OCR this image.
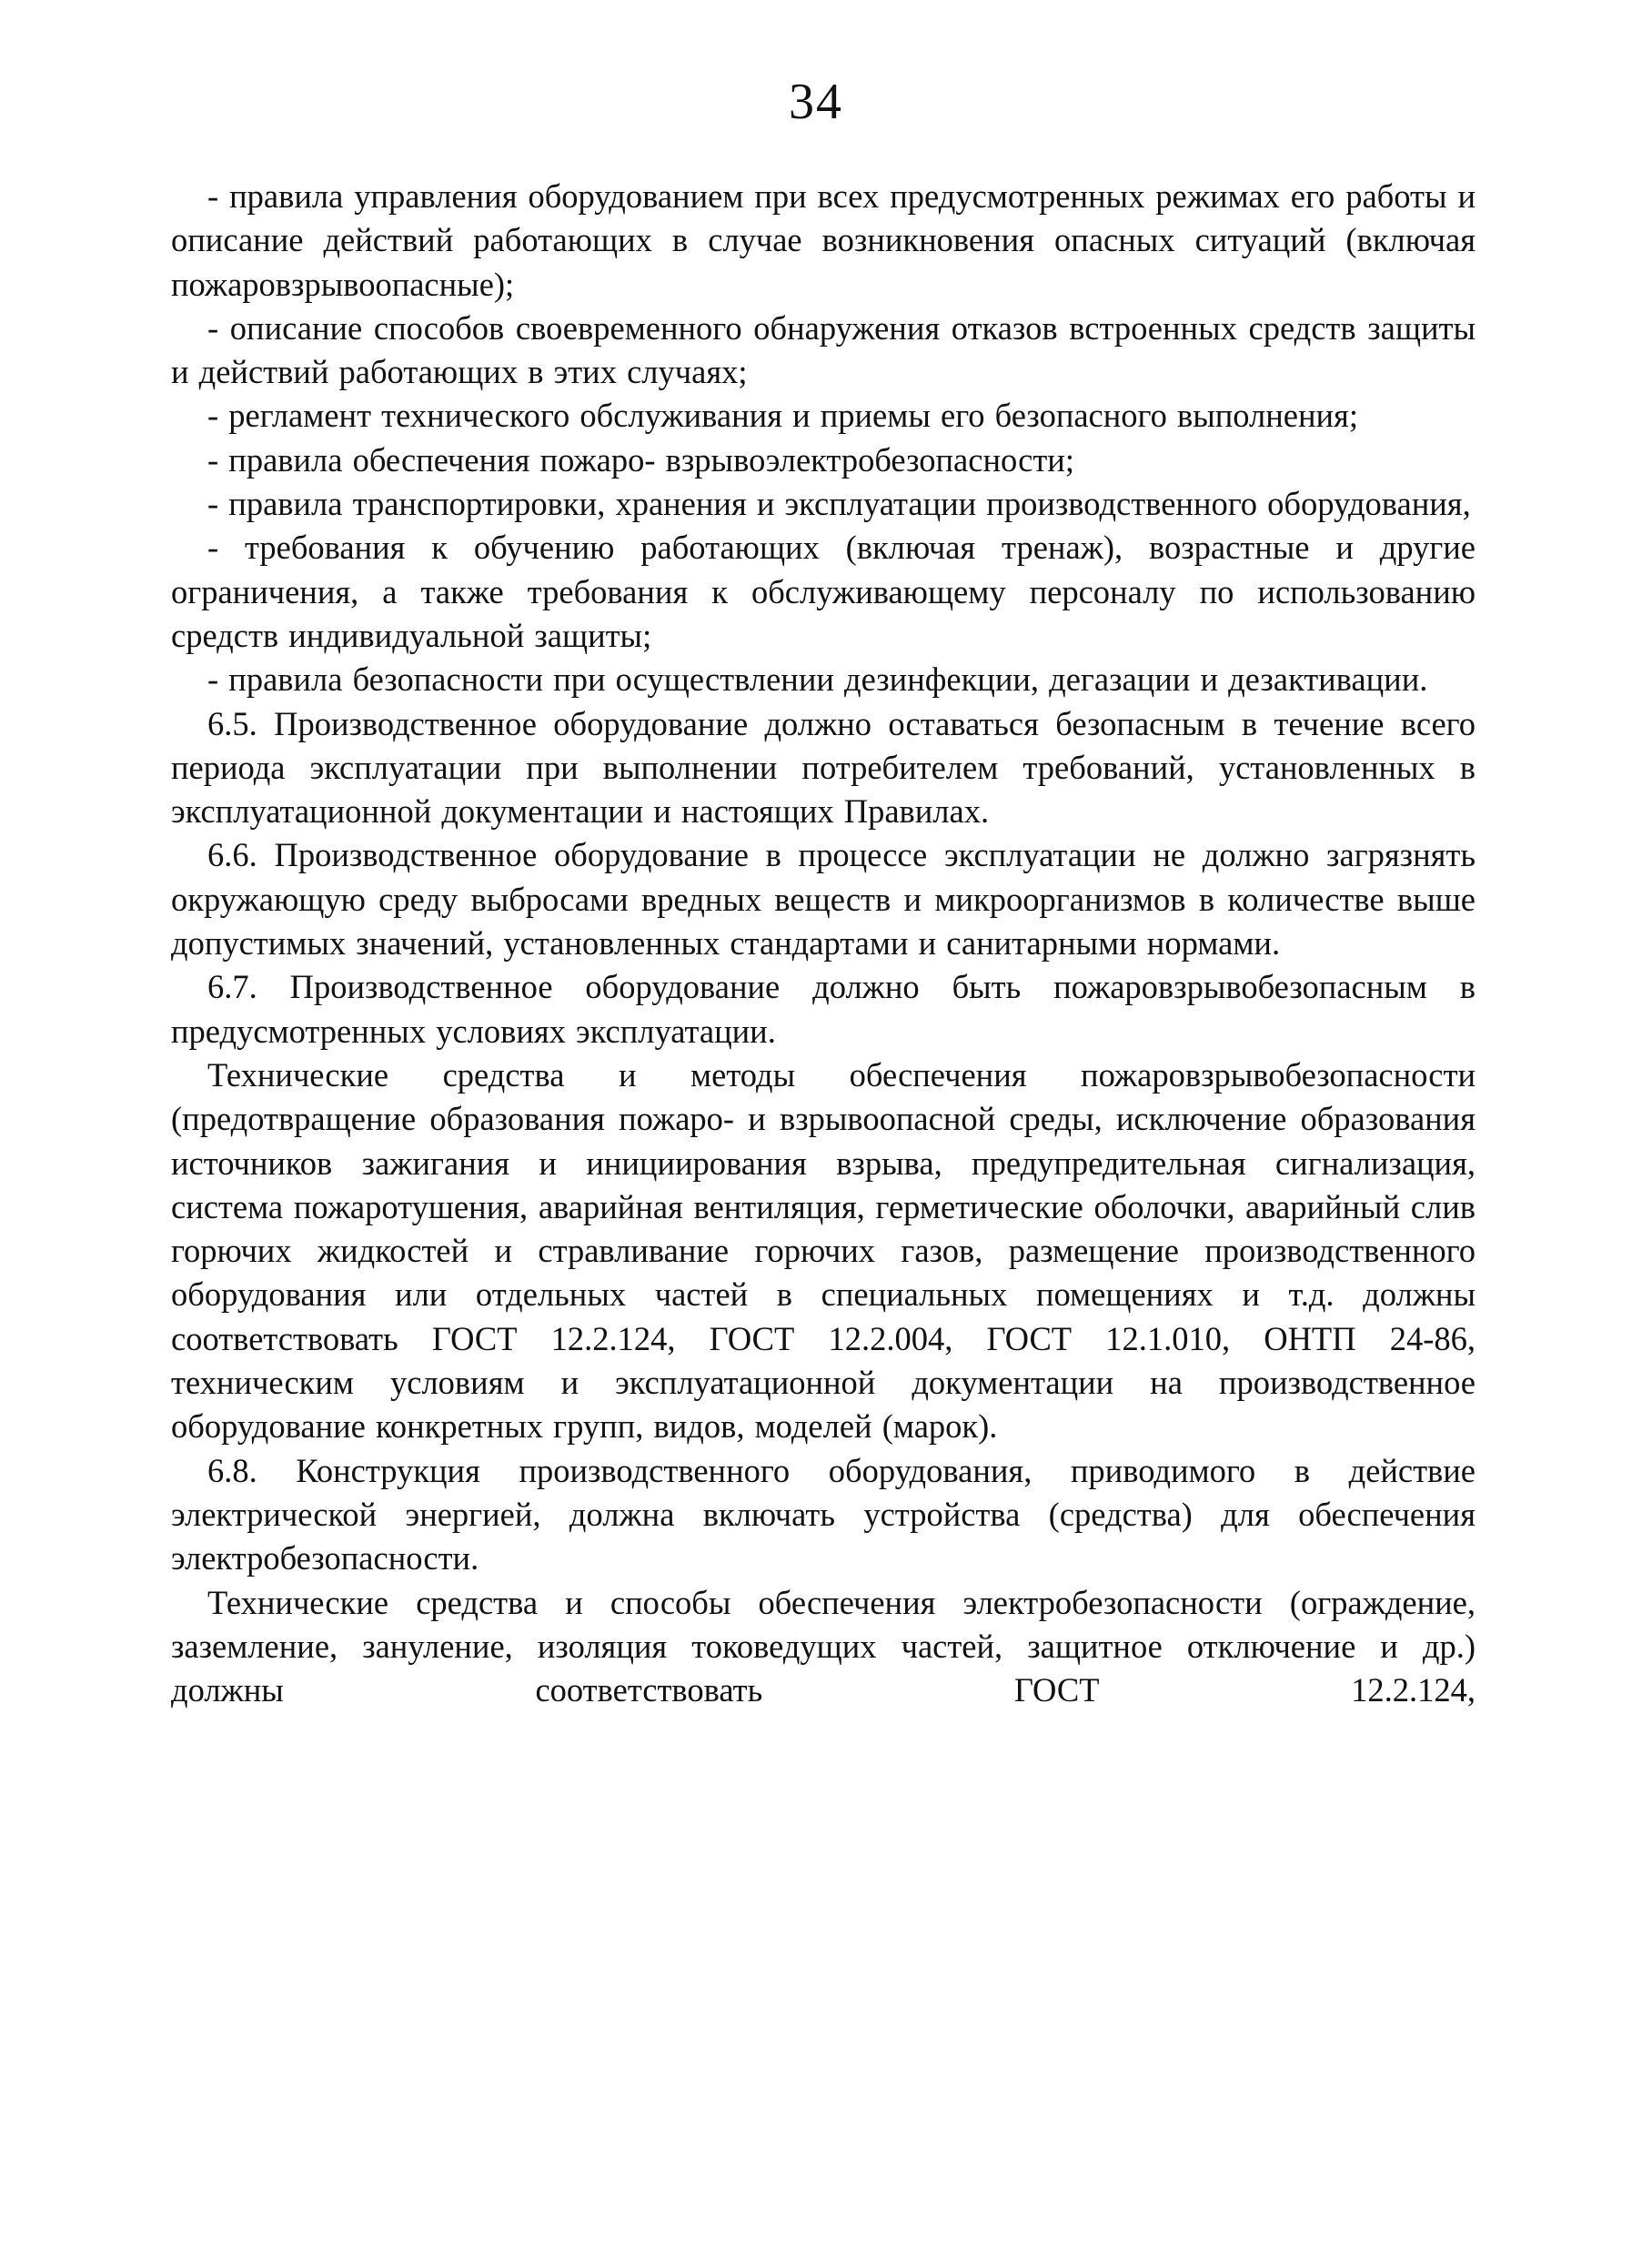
34

- правила управления оборудованием при всех предусмотренных режимах его работы и описание действий работающих в случае возникновения опасных ситуаций (включая пожаровзрывоопасные);

- описание способов своевременного обнаружения отказов встроенных средств защиты и действий работающих в этих случаях;

- регламент технического обслуживания и приемы его безопасного выполнения;

- правила обеспечения пожаро- взрывоэлектробезопасности;

- правила транспортировки, хранения и эксплуатации производственного оборудования,

- требования к обучению работающих (включая тренаж), возрастные и другие ограничения, а также требования к обслуживающему персоналу по использованию средств индивидуальной защиты;

- правила безопасности при осуществлении дезинфекции, дегазации и дезактивации.

6.5. Производственное оборудование должно оставаться безопасным в течение всего периода эксплуатации при выполнении потребителем требований, установленных в эксплуатационной документации и настоящих Правилах.

6.6. Производственное оборудование в процессе эксплуатации не должно загрязнять окружающую среду выбросами вредных веществ и микроорганизмов в количестве выше допустимых значений, установленных стандартами и санитарными нормами.

6.7. Производственное оборудование должно быть пожаровзрывобезопасным в предусмотренных условиях эксплуатации.

Технические средства и методы обеспечения пожаровзрывобезопасности (предотвращение образования пожаро- и взрывоопасной среды, исключение образования источников зажигания и инициирования взрыва, предупредительная сигнализация, система пожаротушения, аварийная вентиляция, герметические оболочки, аварийный слив горючих жидкостей и стравливание горючих газов, размещение производственного оборудования или отдельных частей в специальных помещениях и т.д. должны соответствовать ГОСТ 12.2.124, ГОСТ 12.2.004, ГОСТ 12.1.010, ОНТП 24-86, техническим условиям и эксплуатационной документации на производственное оборудование конкретных групп, видов, моделей (марок).

6.8. Конструкция производственного оборудования, приводимого в действие электрической энергией, должна включать устройства (средства) для обеспечения электробезопасности.

Технические средства и способы обеспечения электробезопасности (ограждение, заземление, зануление, изоляция токоведущих частей, защитное отключение и др.) должны соответствовать ГОСТ 12.2.124,
